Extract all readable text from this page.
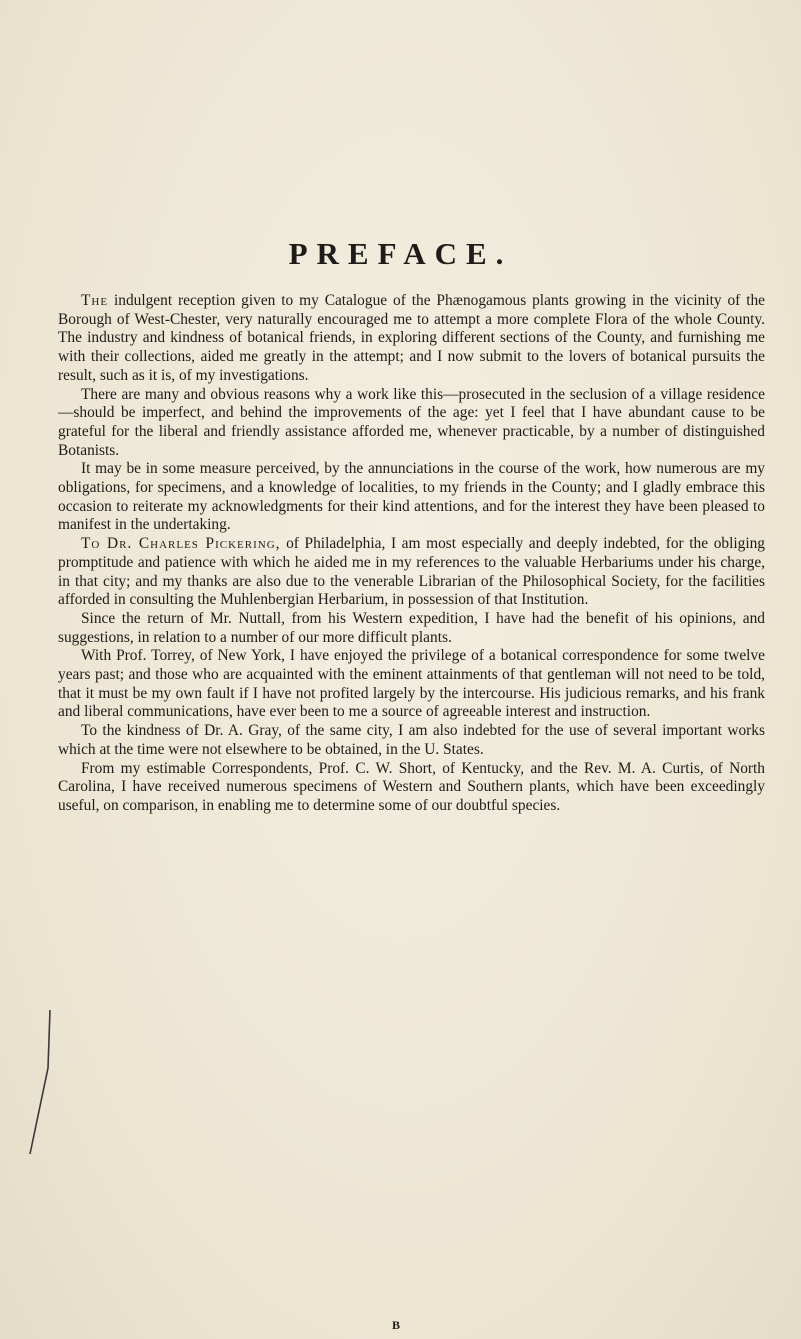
PREFACE.

The indulgent reception given to my Catalogue of the Phænogamous plants growing in the vicinity of the Borough of West-Chester, very naturally encouraged me to attempt a more complete Flora of the whole County. The industry and kindness of botanical friends, in exploring different sections of the County, and furnishing me with their collections, aided me greatly in the attempt; and I now submit to the lovers of botanical pursuits the result, such as it is, of my investigations.

There are many and obvious reasons why a work like this—prosecuted in the seclusion of a village residence—should be imperfect, and behind the improvements of the age: yet I feel that I have abundant cause to be grateful for the liberal and friendly assistance afforded me, whenever practicable, by a number of distinguished Botanists.

It may be in some measure perceived, by the annunciations in the course of the work, how numerous are my obligations, for specimens, and a knowledge of localities, to my friends in the County; and I gladly embrace this occasion to reiterate my acknowledgments for their kind attentions, and for the interest they have been pleased to manifest in the undertaking.

To Dr. Charles Pickering, of Philadelphia, I am most especially and deeply indebted, for the obliging promptitude and patience with which he aided me in my references to the valuable Herbariums under his charge, in that city; and my thanks are also due to the venerable Librarian of the Philosophical Society, for the facilities afforded in consulting the Muhlenbergian Herbarium, in possession of that Institution.

Since the return of Mr. Nuttall, from his Western expedition, I have had the benefit of his opinions, and suggestions, in relation to a number of our more difficult plants.

With Prof. Torrey, of New York, I have enjoyed the privilege of a botanical correspondence for some twelve years past; and those who are acquainted with the eminent attainments of that gentleman will not need to be told, that it must be my own fault if I have not profited largely by the intercourse. His judicious remarks, and his frank and liberal communications, have ever been to me a source of agreeable interest and instruction.

To the kindness of Dr. A. Gray, of the same city, I am also indebted for the use of several important works which at the time were not elsewhere to be obtained, in the U. States.

From my estimable Correspondents, Prof. C. W. Short, of Kentucky, and the Rev. M. A. Curtis, of North Carolina, I have received numerous specimens of Western and Southern plants, which have been exceedingly useful, on comparison, in enabling me to determine some of our doubtful species.

B
